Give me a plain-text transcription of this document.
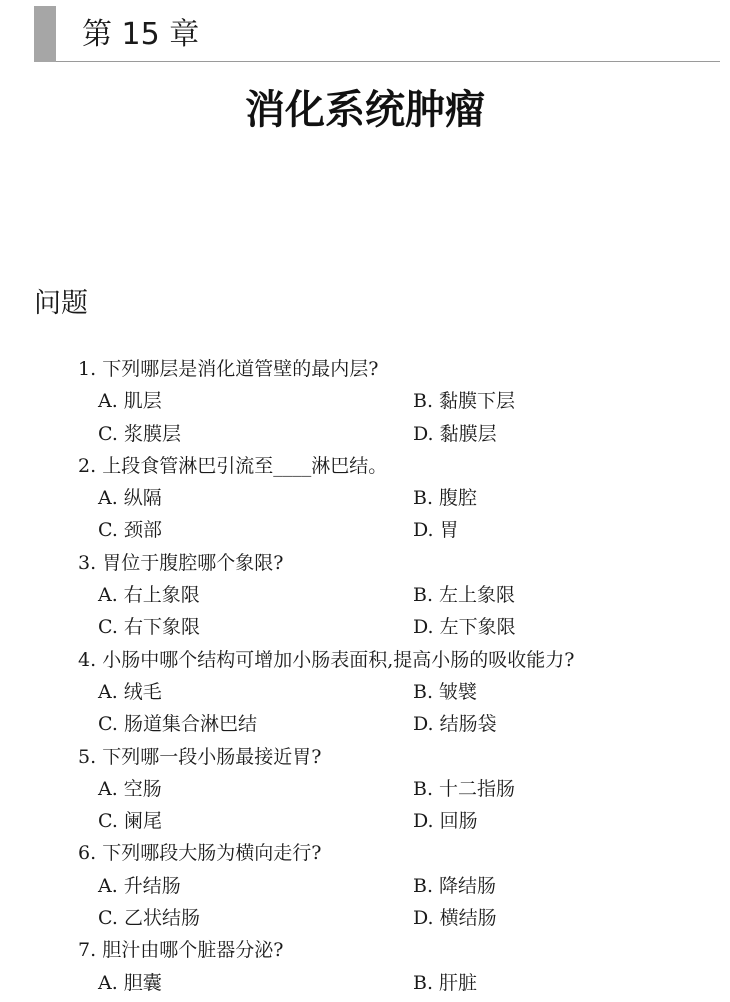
第 15 章
消化系统肿瘤
问题
1. 下列哪层是消化道管壁的最内层?
A. 肌层	B. 黏膜下层
C. 浆膜层	D. 黏膜层
2. 上段食管淋巴引流至____淋巴结。
A. 纵隔	B. 腹腔
C. 颈部	D. 胃
3. 胃位于腹腔哪个象限?
A. 右上象限	B. 左上象限
C. 右下象限	D. 左下象限
4. 小肠中哪个结构可增加小肠表面积,提高小肠的吸收能力?
A. 绒毛	B. 皱襞
C. 肠道集合淋巴结	D. 结肠袋
5. 下列哪一段小肠最接近胃?
A. 空肠	B. 十二指肠
C. 阑尾	D. 回肠
6. 下列哪段大肠为横向走行?
A. 升结肠	B. 降结肠
C. 乙状结肠	D. 横结肠
7. 胆汁由哪个脏器分泌?
A. 胆囊	B. 肝脏
